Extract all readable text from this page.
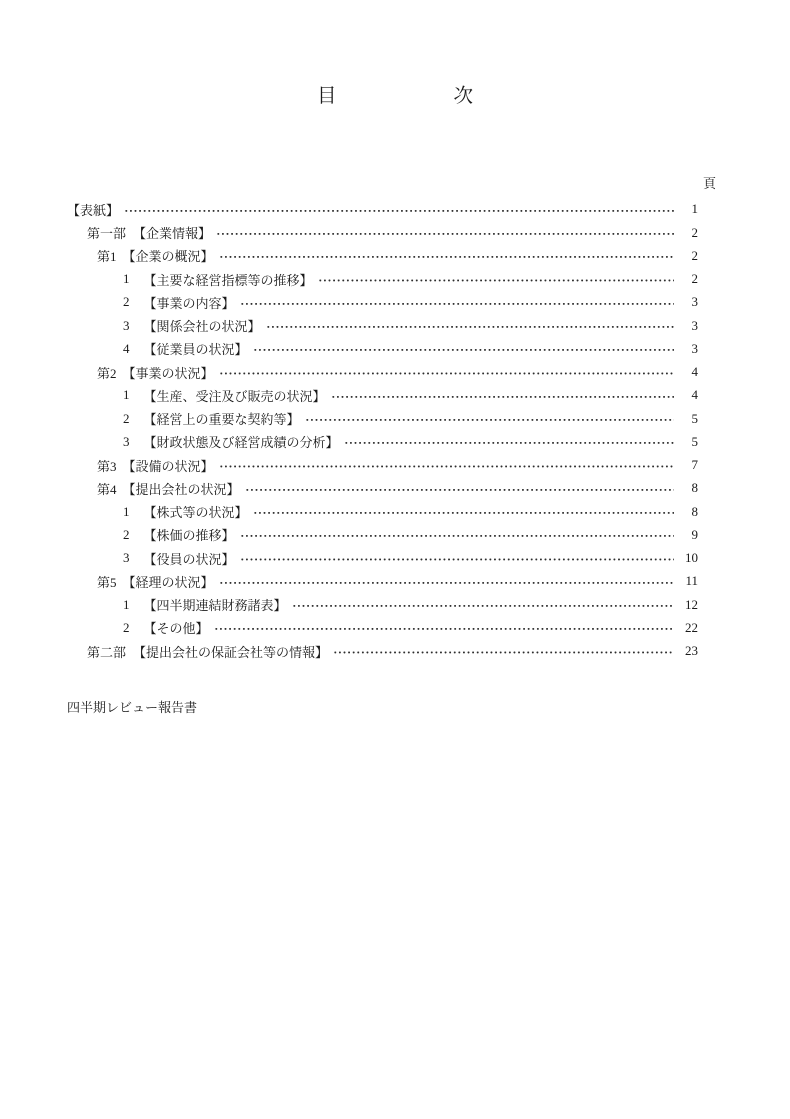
目　　　　　　次
頁
【表紙】	1
第一部 【企業情報】	2
第1 【企業の概況】	2
1 【主要な経営指標等の推移】	2
2 【事業の内容】	3
3 【関係会社の状況】	3
4 【従業員の状況】	3
第2 【事業の状況】	4
1 【生産、受注及び販売の状況】	4
2 【経営上の重要な契約等】	5
3 【財政状態及び経営成績の分析】	5
第3 【設備の状況】	7
第4 【提出会社の状況】	8
1 【株式等の状況】	8
2 【株価の推移】	9
3 【役員の状況】	10
第5 【経理の状況】	11
1 【四半期連結財務諸表】	12
2 【その他】	22
第二部 【提出会社の保証会社等の情報】	23
四半期レビュー報告書
